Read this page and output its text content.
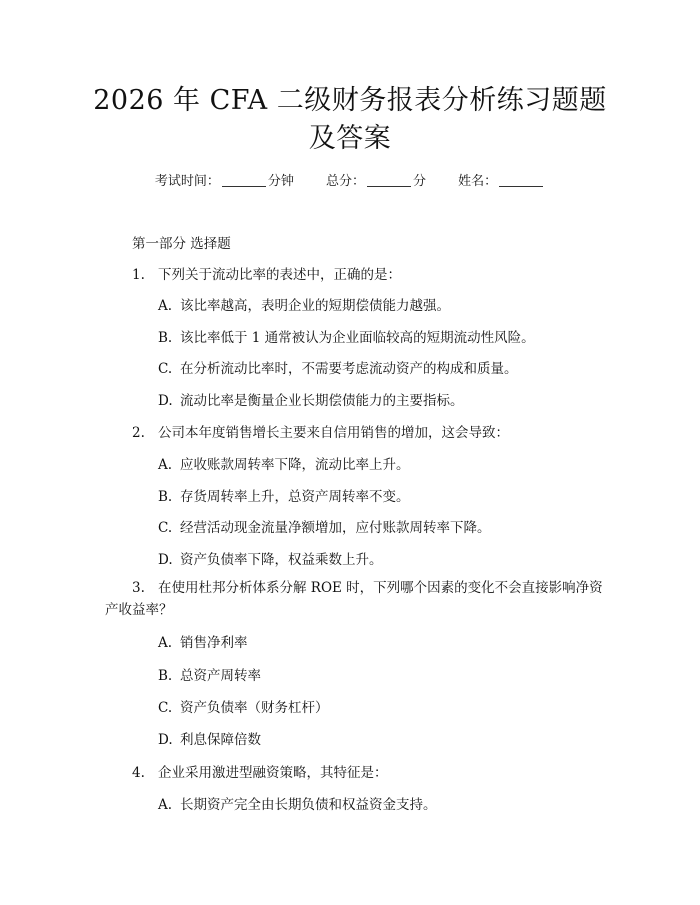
2026 年 CFA 二级财务报表分析练习题题及答案
考试时间：	分钟 总分：	分 姓名：
第一部分 选择题
1. 下列关于流动比率的表述中，正确的是：
A. 该比率越高，表明企业的短期偿债能力越强。
B. 该比率低于 1 通常被认为企业面临较高的短期流动性风险。
C. 在分析流动比率时，不需要考虑流动资产的构成和质量。
D. 流动比率是衡量企业长期偿债能力的主要指标。
2. 公司本年度销售增长主要来自信用销售的增加，这会导致：
A. 应收账款周转率下降，流动比率上升。
B. 存货周转率上升，总资产周转率不变。
C. 经营活动现金流量净额增加，应付账款周转率下降。
D. 资产负债率下降，权益乘数上升。
3. 在使用杜邦分析体系分解 ROE 时，下列哪个因素的变化不会直接影响净资产收益率？
A. 销售净利率
B. 总资产周转率
C. 资产负债率（财务杠杆）
D. 利息保障倍数
4. 企业采用激进型融资策略，其特征是：
A. 长期资产完全由长期负债和权益资金支持。
